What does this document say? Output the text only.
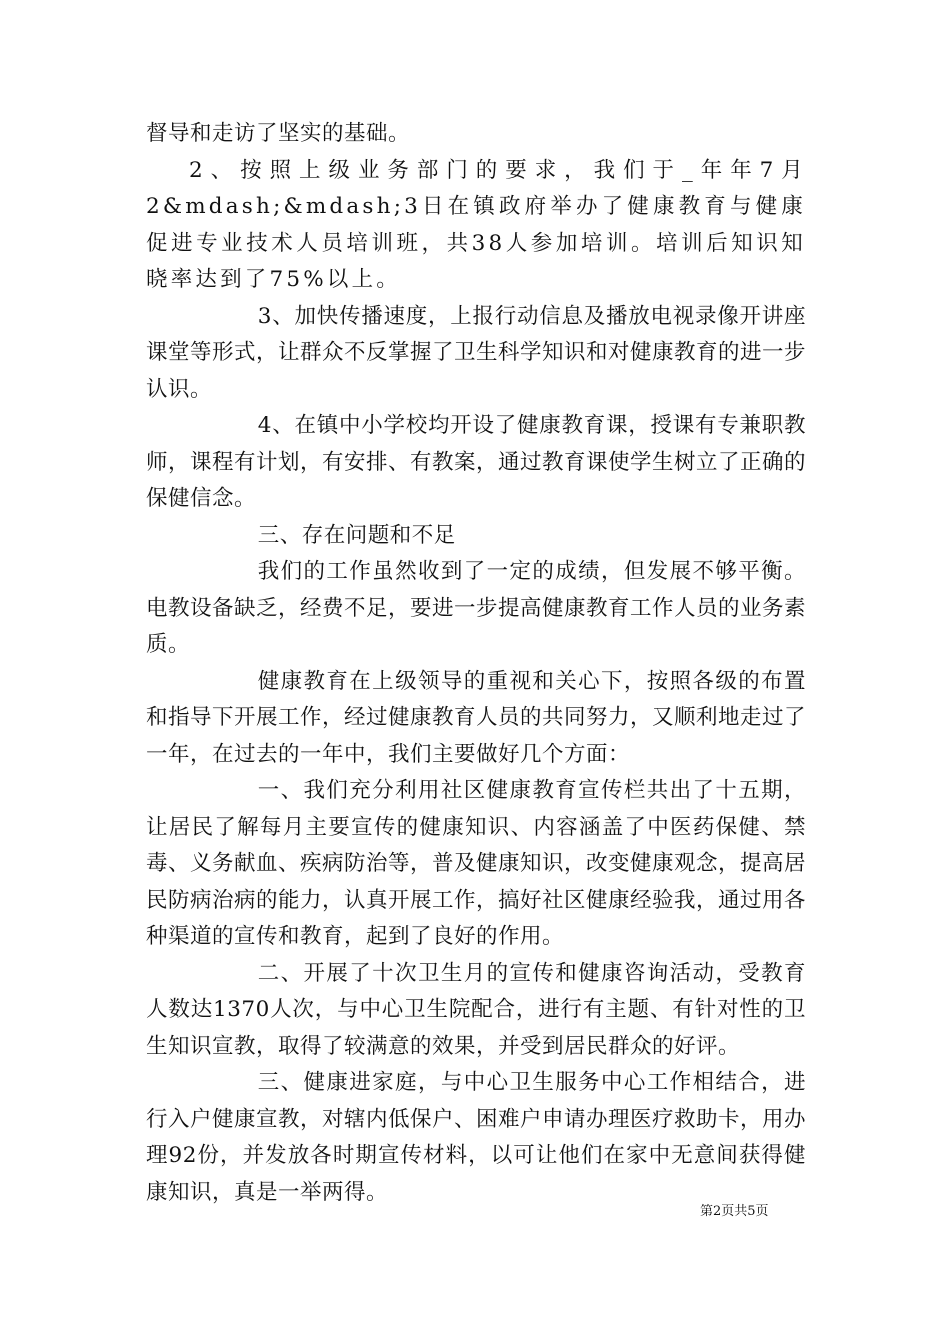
督导和走访了坚实的基础。

2、按照上级业务部门的要求，我们于_年年7月2&mdash;&mdash;3日在镇政府举办了健康教育与健康促进专业技术人员培训班，共38人参加培训。培训后知识知晓率达到了75%以上。

3、加快传播速度，上报行动信息及播放电视录像开讲座课堂等形式，让群众不反掌握了卫生科学知识和对健康教育的进一步认识。

4、在镇中小学校均开设了健康教育课，授课有专兼职教师，课程有计划，有安排、有教案，通过教育课使学生树立了正确的保健信念。

三、存在问题和不足

我们的工作虽然收到了一定的成绩，但发展不够平衡。电教设备缺乏，经费不足，要进一步提高健康教育工作人员的业务素质。

健康教育在上级领导的重视和关心下，按照各级的布置和指导下开展工作，经过健康教育人员的共同努力，又顺利地走过了一年，在过去的一年中，我们主要做好几个方面：

一、我们充分利用社区健康教育宣传栏共出了十五期，让居民了解每月主要宣传的健康知识、内容涵盖了中医药保健、禁毒、义务献血、疾病防治等，普及健康知识，改变健康观念，提高居民防病治病的能力，认真开展工作，搞好社区健康经验我，通过用各种渠道的宣传和教育，起到了良好的作用。

二、开展了十次卫生月的宣传和健康咨询活动，受教育人数达1370人次，与中心卫生院配合，进行有主题、有针对性的卫生知识宣教，取得了较满意的效果，并受到居民群众的好评。

三、健康进家庭，与中心卫生服务中心工作相结合，进行入户健康宣教，对辖内低保户、困难户申请办理医疗救助卡，用办理92份，并发放各时期宣传材料，以可让他们在家中无意间获得健康知识，真是一举两得。

第2页共5页
